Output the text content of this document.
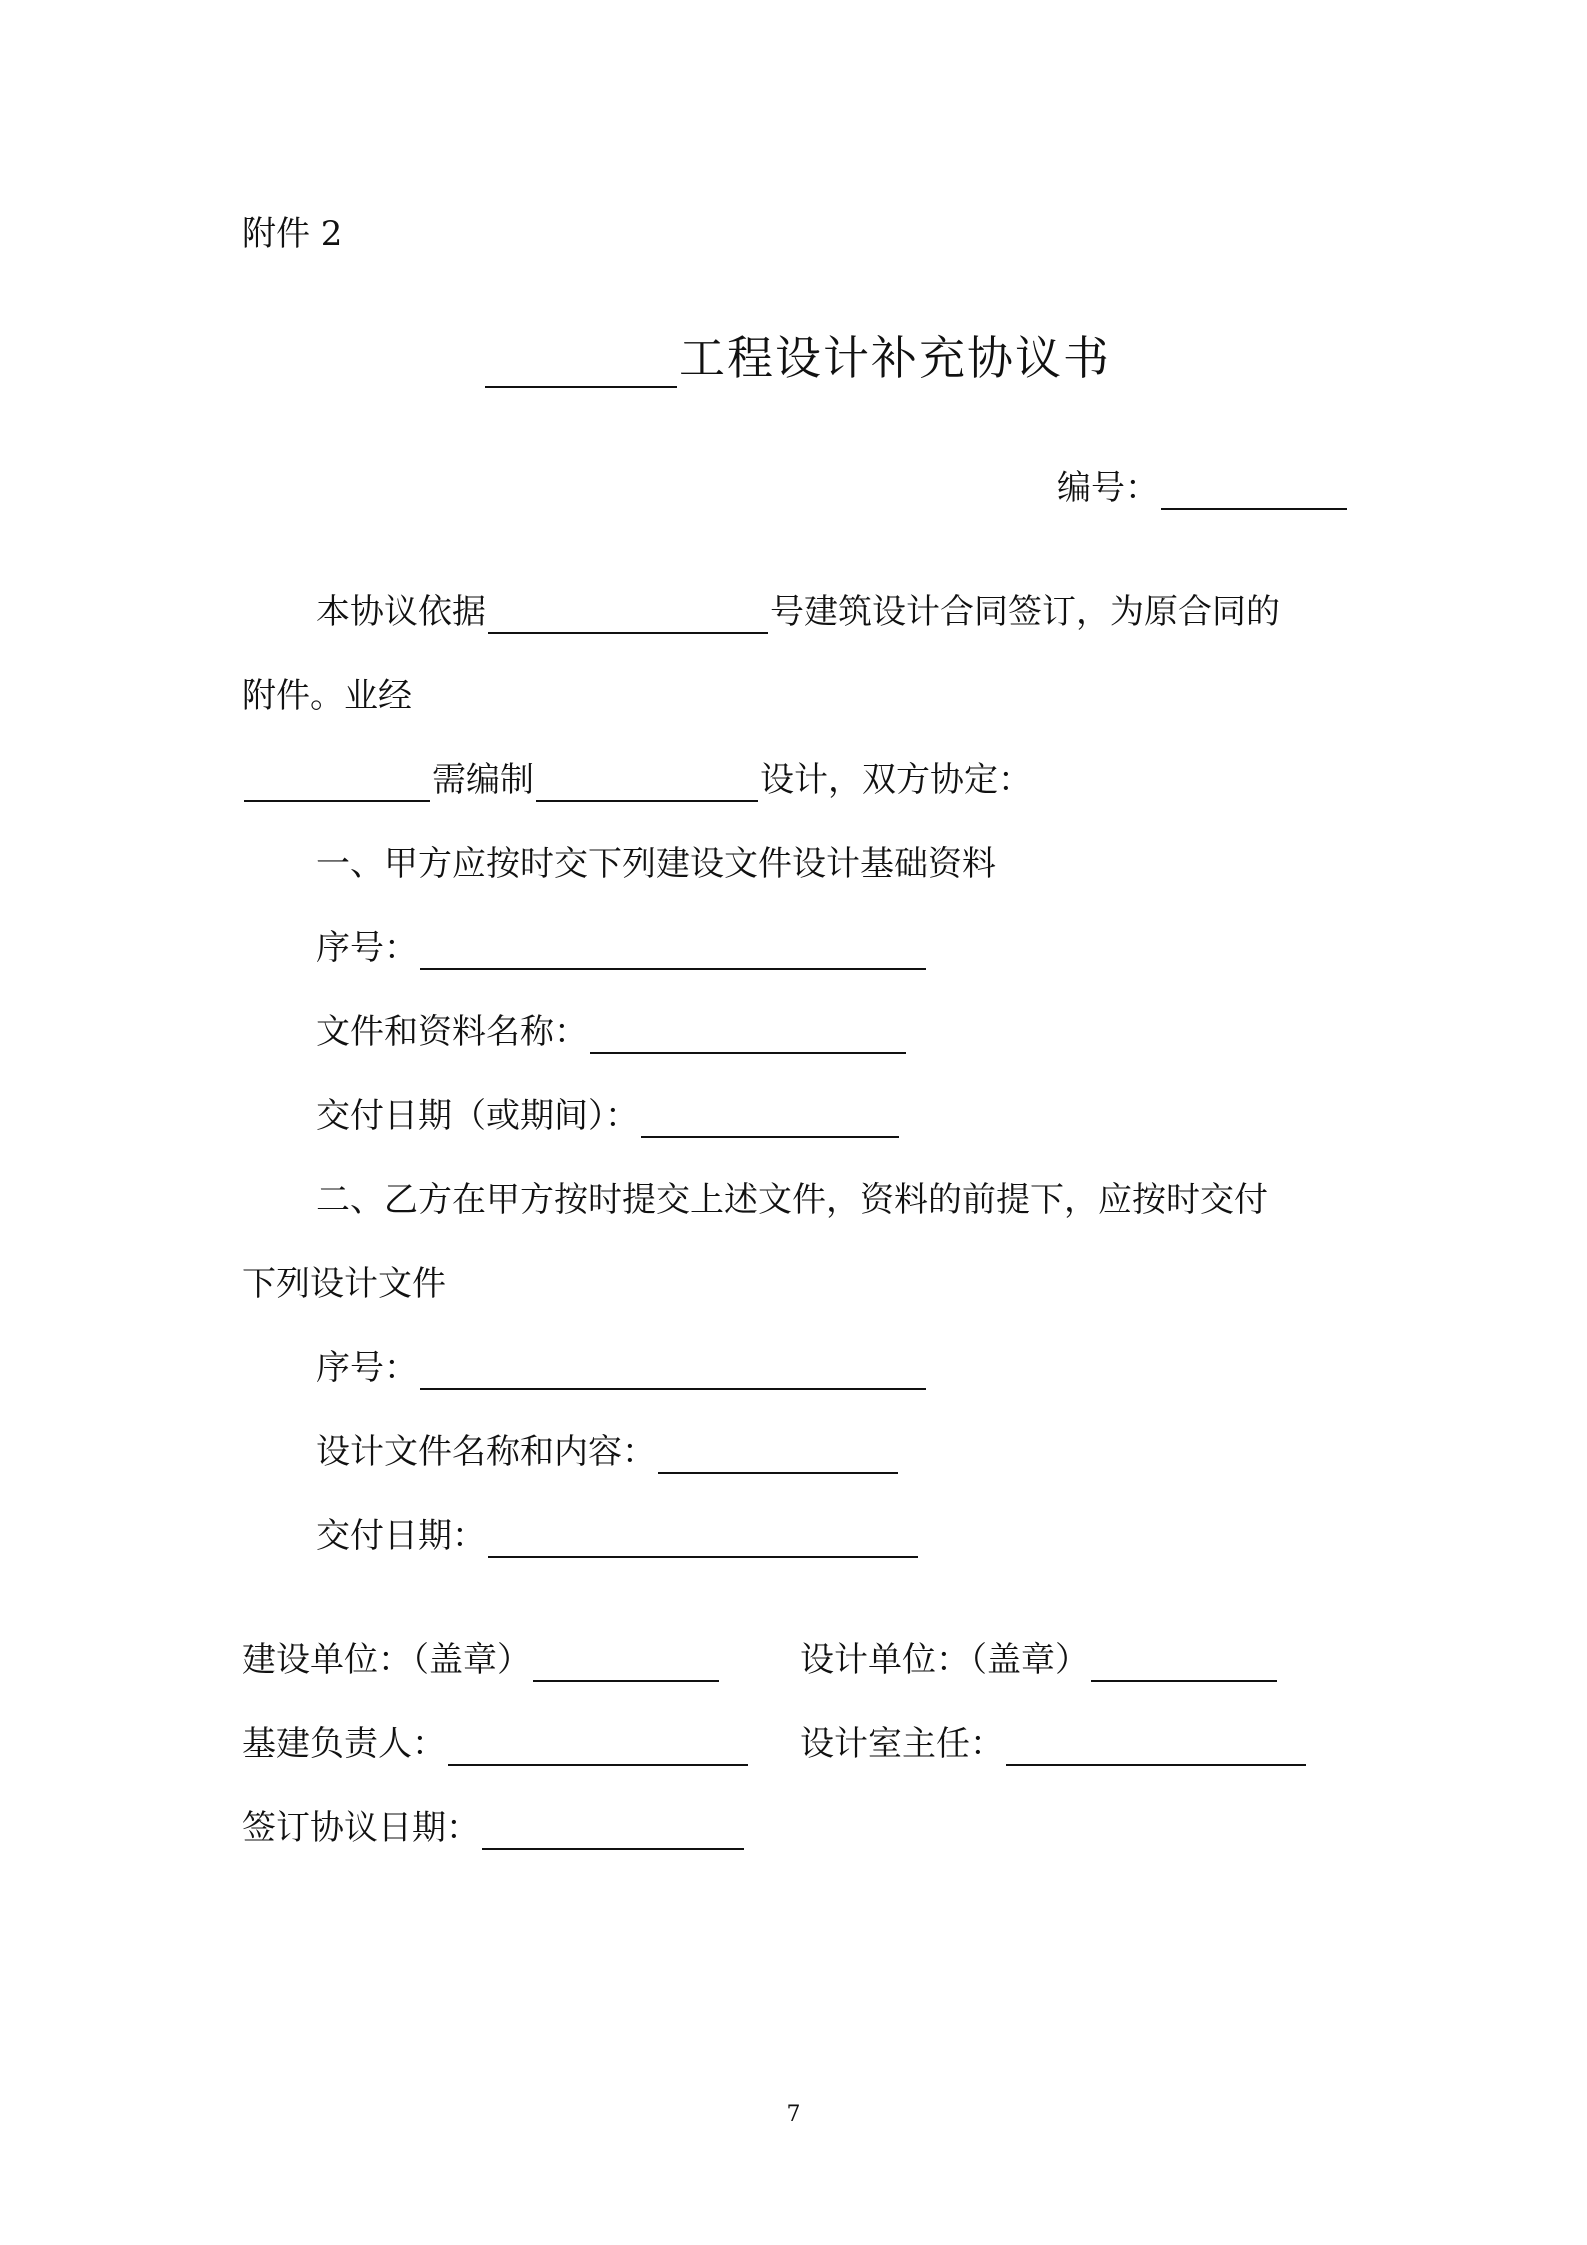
附件 2
工程设计补充协议书
编号：
本协议依据	号建筑设计合同签订，为原合同的
附件。业经
需编制	设计，双方协定：
一、甲方应按时交下列建设文件设计基础资料
序号：
文件和资料名称：
交付日期（或期间）：
二、乙方在甲方按时提交上述文件，资料的前提下，应按时交付
下列设计文件
序号：
设计文件名称和内容：
交付日期：
建设单位：（盖章）	设计单位：（盖章）
基建负责人：	设计室主任：
签订协议日期：
7
